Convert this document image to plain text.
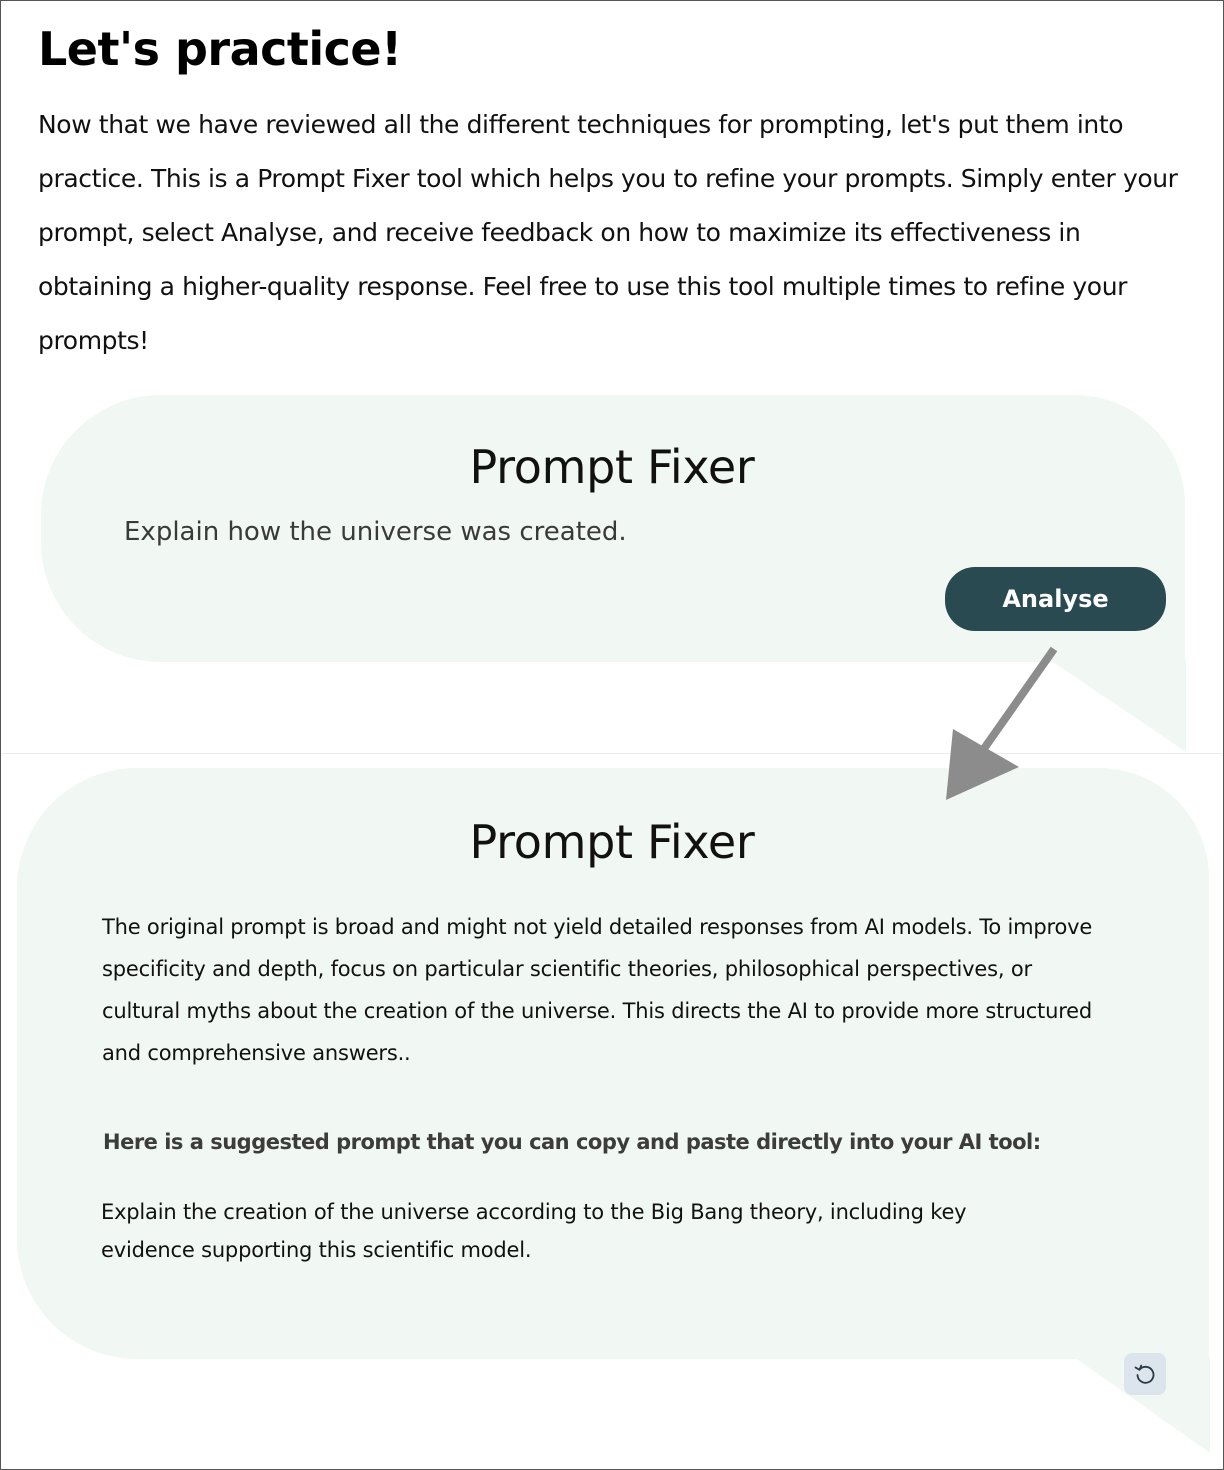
Let's practice!

Now that we have reviewed all the different techniques for prompting, let's put them into practice. This is a Prompt Fixer tool which helps you to refine your prompts. Simply enter your prompt, select Analyse, and receive feedback on how to maximize its effectiveness in obtaining a higher-quality response. Feel free to use this tool multiple times to refine your prompts!

Prompt Fixer
Explain how the universe was created.
Analyse
Prompt Fixer

The original prompt is broad and might not yield detailed responses from AI models. To improve specificity and depth, focus on particular scientific theories, philosophical perspectives, or cultural myths about the creation of the universe. This directs the AI to provide more structured and comprehensive answers..

Here is a suggested prompt that you can copy and paste directly into your AI tool:

Explain the creation of the universe according to the Big Bang theory, including key evidence supporting this scientific model.
